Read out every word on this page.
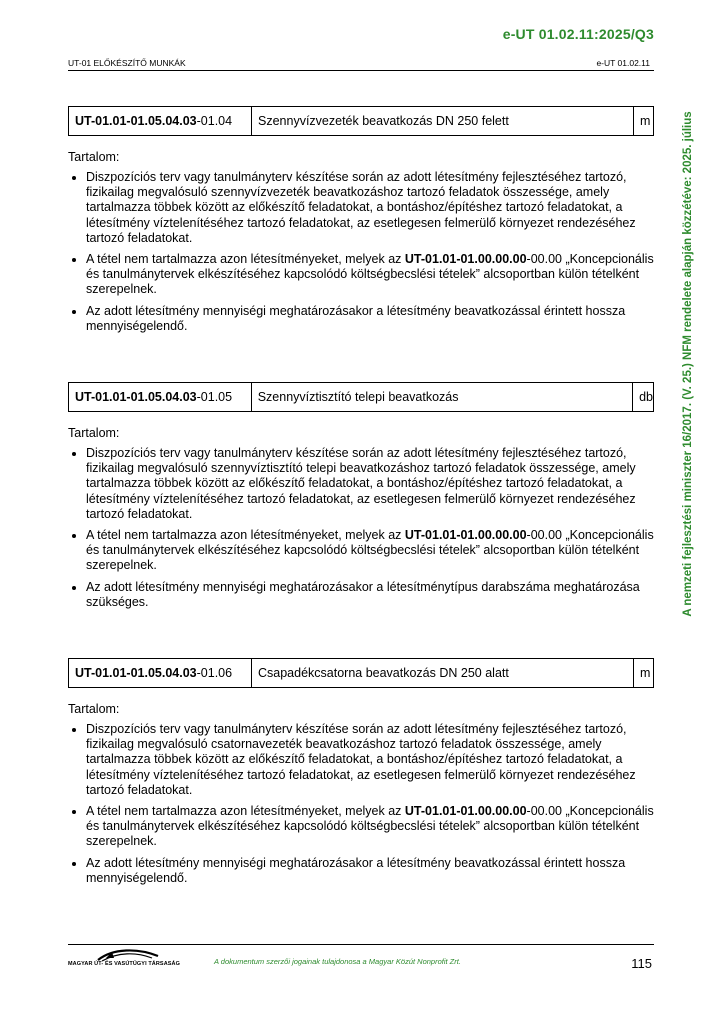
e-UT 01.02.11:2025/Q3
UT-01 ELŐKÉSZÍTŐ MUNKÁK	e-UT 01.02.11
A nemzeti fejlesztési miniszter 16/2017. (V. 25.) NFM rendelete alapján közzétéve: 2025. július
UT-01.01-01.05.04.03 -01.04	Szennyvízvezeték beavatkozás DN 250 felett	m
Tartalom:
• Diszpozíciós terv vagy tanulmányterv készítése során az adott létesítmény fejlesztéséhez tartozó, fizikailag megvalósuló szennyvízvezeték beavatkozáshoz tartozó feladatok összessége, amely tartalmazza többek között az előkészítő feladatokat, a bontáshoz/építéshez tartozó feladatokat, a létesítmény víztelenítéséhez tartozó feladatokat, az esetlegesen felmerülő környezet rendezéséhez tartozó feladatokat.
• A tétel nem tartalmazza azon létesítményeket, melyek az UT-01.01-01.00.00.00-00.00 „Koncepcionális és tanulmánytervek elkészítéséhez kapcsolódó költségbecslési tételek” alcsoportban külön tételként szerepelnek.
• Az adott létesítmény mennyiségi meghatározásakor a létesítmény beavatkozással érintett hossza mennyiségelendő.
UT-01.01-01.05.04.03 -01.05	Szennyvíztisztító telepi beavatkozás	db
Tartalom:
• Diszpozíciós terv vagy tanulmányterv készítése során az adott létesítmény fejlesztéséhez tartozó, fizikailag megvalósuló szennyvíztisztító telepi beavatkozáshoz tartozó feladatok összessége, amely tartalmazza többek között az előkészítő feladatokat, a bontáshoz/építéshez tartozó feladatokat, a létesítmény víztelenítéséhez tartozó feladatokat, az esetlegesen felmerülő környezet rendezéséhez tartozó feladatokat.
• A tétel nem tartalmazza azon létesítményeket, melyek az UT-01.01-01.00.00.00-00.00 „Koncepcionális és tanulmánytervek elkészítéséhez kapcsolódó költségbecslési tételek” alcsoportban külön tételként szerepelnek.
• Az adott létesítmény mennyiségi meghatározásakor a létesítménytípus darabszáma meghatározása szükséges.
UT-01.01-01.05.04.03 -01.06	Csapadékcsatorna beavatkozás DN 250 alatt	m
Tartalom:
• Diszpozíciós terv vagy tanulmányterv készítése során az adott létesítmény fejlesztéséhez tartozó, fizikailag megvalósuló csatornavezeték beavatkozáshoz tartozó feladatok összessége, amely tartalmazza többek között az előkészítő feladatokat, a bontáshoz/építéshez tartozó feladatokat, a létesítmény víztelenítéséhez tartozó feladatokat, az esetlegesen felmerülő környezet rendezéséhez tartozó feladatokat.
• A tétel nem tartalmazza azon létesítményeket, melyek az UT-01.01-01.00.00.00-00.00 „Koncepcionális és tanulmánytervek elkészítéséhez kapcsolódó költségbecslési tételek” alcsoportban külön tételként szerepelnek.
• Az adott létesítmény mennyiségi meghatározásakor a létesítmény beavatkozással érintett hossza mennyiségelendő.
MAGYAR ÚT- ÉS VASÚTÜGYI TÁRSASÁG	A dokumentum szerzői jogainak tulajdonosa a Magyar Közút Nonprofit Zrt.	115
